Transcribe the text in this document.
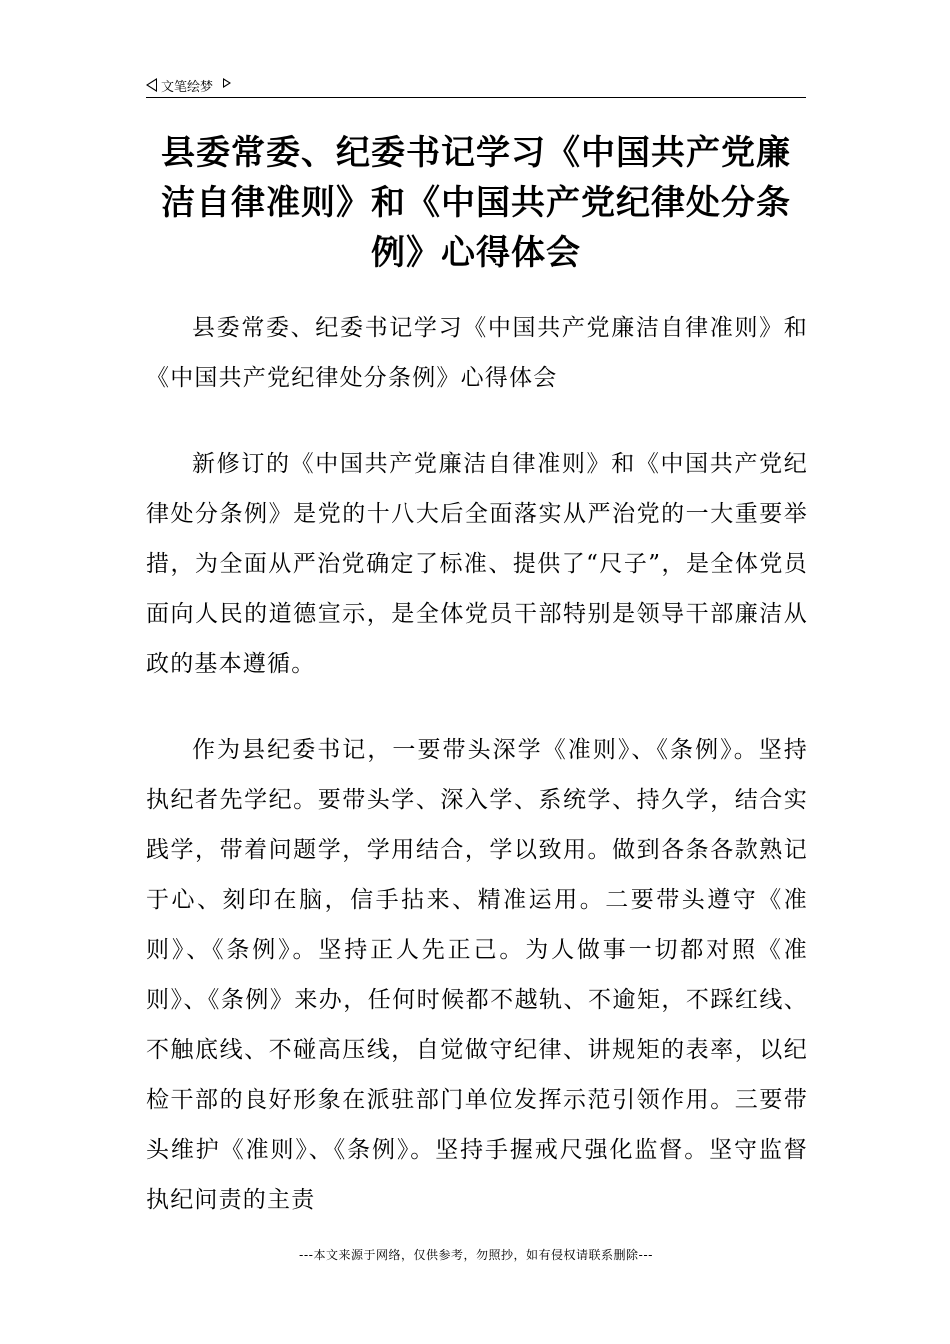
文笔绘梦
县委常委、纪委书记学习《中国共产党廉洁自律准则》和《中国共产党纪律处分条例》心得体会

县委常委、纪委书记学习《中国共产党廉洁自律准则》和《中国共产党纪律处分条例》心得体会

新修订的《中国共产党廉洁自律准则》和《中国共产党纪律处分条例》是党的十八大后全面落实从严治党的一大重要举措，为全面从严治党确定了标准、提供了“尺子”，是全体党员面向人民的道德宣示，是全体党员干部特别是领导干部廉洁从政的基本遵循。

作为县纪委书记，一要带头深学《准则》、《条例》。坚持执纪者先学纪。要带头学、深入学、系统学、持久学，结合实践学，带着问题学，学用结合，学以致用。做到各条各款熟记于心、刻印在脑，信手拈来、精准运用。二要带头遵守《准则》、《条例》。坚持正人先正己。为人做事一切都对照《准则》、《条例》来办，任何时候都不越轨、不逾矩，不踩红线、不触底线、不碰高压线，自觉做守纪律、讲规矩的表率，以纪检干部的良好形象在派驻部门单位发挥示范引领作用。三要带头维护《准则》、《条例》。坚持手握戒尺强化监督。坚守监督执纪问责的主责

---本文来源于网络，仅供参考，勿照抄，如有侵权请联系删除---
